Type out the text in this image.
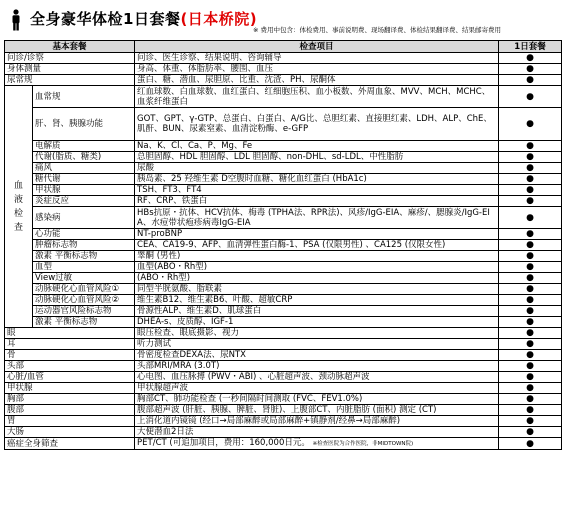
全身豪华体检1日套餐(日本桥院)
※ 费用中包含：体检费用、事前说明费、现场翻译费、体检结果翻译费、结果邮寄费用
基本套餐		检查项目	1日套餐
问诊/诊察		问诊、医生诊察、结果说明、咨询辅导	●
身体测量		身高、体重、体脂肪率、腰围、血压	●
尿常规		蛋白、糖、潜血、尿胆原、比重、沈渣、PH、尿酮体	●

血液检查	血常规	红血球数、白血球数、血红蛋白、红细胞压积、血小板数、外周血象、MVV、MCH、MCHC、血浆纤维蛋白	●
	肝、肾、胰腺功能	GOT、GPT、γ-GTP、总蛋白、白蛋白、A/G比、总胆红素、直接胆红素、LDH、ALP、ChE、肌酐、BUN、尿素窒素、血清淀粉酶、e‐GFP	●
	电解质	Na、K、Cl、Ca、P、Mg、Fe	●
	代谢(脂质、糖类)	总胆固醇、HDL 胆固醇、LDL 胆固醇、non-DHL、sd-LDL、中性脂肪	●
	痛风	尿酸	●
	糖代谢	胰岛素、25 羟维生素 D空腹时血糖、糖化血红蛋白 (HbA1c)	●
	甲状腺	TSH、FT3、FT4	●
	炎症反应	RF、CRP、铁蛋白	●
	感染病	HBs抗原・抗体、HCV抗体、梅毒 (TPHA法、RPR法)、风疹/IgG-EIA、麻疹/、腮腺炎/IgG-EIA、水痘带状疱疹病毒IgG-EIA	●
	心功能	NT-proBNP	●
	肿瘤标志物	CEA、CA19-9、AFP、血清弹性蛋白酶-1、PSA (仅限男性) 、CA125 (仅限女性)	●
	激素 平衡标志物	睾酮 (男性)	●
	血型	血型(ABO・Rh型)	●
	View过敏	(ABO・Rh型)	●
	动脉硬化心血管风险①	同型半胱氨酸、脂联素	●
	动脉硬化心血管风险②	维生素B12、维生素B6、叶酸、超敏CRP	●
	运动器官风险标志物	骨源性ALP、维生素D、肌球蛋白	●
	激素 平衡标志物	DHEA-s、皮质醇、IGF-1	●
眼		眼压检查、眼底摄影、视力	●
耳		听力测试	●
骨		骨密度检查DEXA法、尿NTX	●
头部		头部MRI/MRA (3.0T)	●
心脏/血管		心电图、血压脉搏 (PWV・ABI) 、心脏超声波、颈动脉超声波	●
甲状腺		甲状腺超声波	●
胸部		胸部CT、肺功能检查 (一秒间隔时间测取 (FVC、FEV1.0%)	●
腹部		腹部超声波 (肝脏、胰腺、脾脏、肾脏)、上腹部CT、内脏脂肪 (面积) 测定 (CT)	●
胃		上消化道内镜镜 (经口→局部麻醉或局部麻醉+镇静剂/经鼻→局部麻醉)	●
大肠		大便潜血2日法	●
癌症全身筛查		PET/CT (可追加项目，费用：160,000日元。 ※检查医院为合作医院，非MIDTOWN院)	●
